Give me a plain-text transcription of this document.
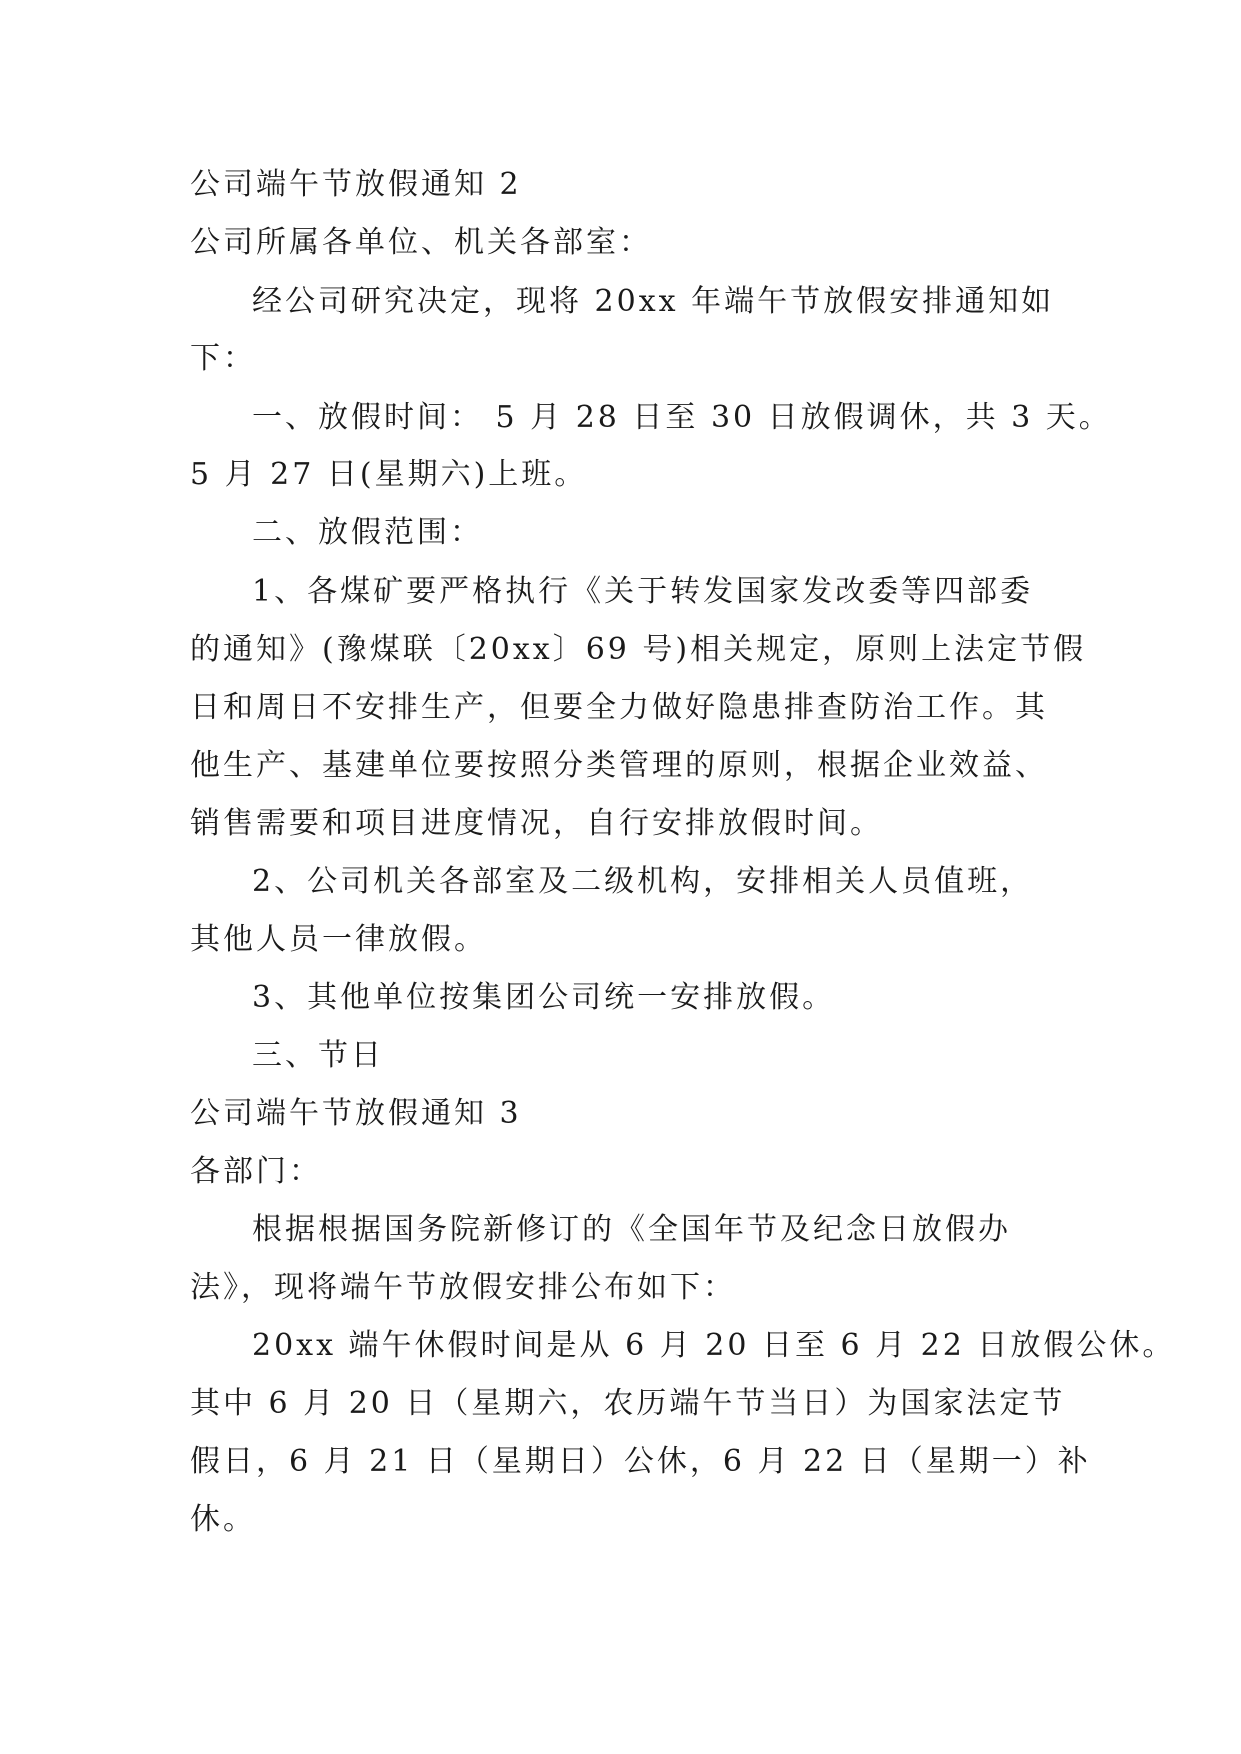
公司端午节放假通知 2
公司所属各单位、机关各部室：
经公司研究决定，现将 20xx 年端午节放假安排通知如
下：
一、放假时间： 5 月 28 日至 30 日放假调休，共 3 天。
5 月 27 日(星期六)上班。
二、放假范围：
1、各煤矿要严格执行《关于转发国家发改委等四部委
的通知》(豫煤联〔20xx〕69 号)相关规定，原则上法定节假
日和周日不安排生产，但要全力做好隐患排查防治工作。其
他生产、基建单位要按照分类管理的原则，根据企业效益、
销售需要和项目进度情况，自行安排放假时间。
2、公司机关各部室及二级机构，安排相关人员值班，
其他人员一律放假。
3、其他单位按集团公司统一安排放假。
三、节日
公司端午节放假通知 3
各部门：
根据根据国务院新修订的《全国年节及纪念日放假办
法》，现将端午节放假安排公布如下：
20xx 端午休假时间是从 6 月 20 日至 6 月 22 日放假公休。
其中 6 月 20 日（星期六，农历端午节当日）为国家法定节
假日，6 月 21 日（星期日）公休，6 月 22 日（星期一）补
休。
